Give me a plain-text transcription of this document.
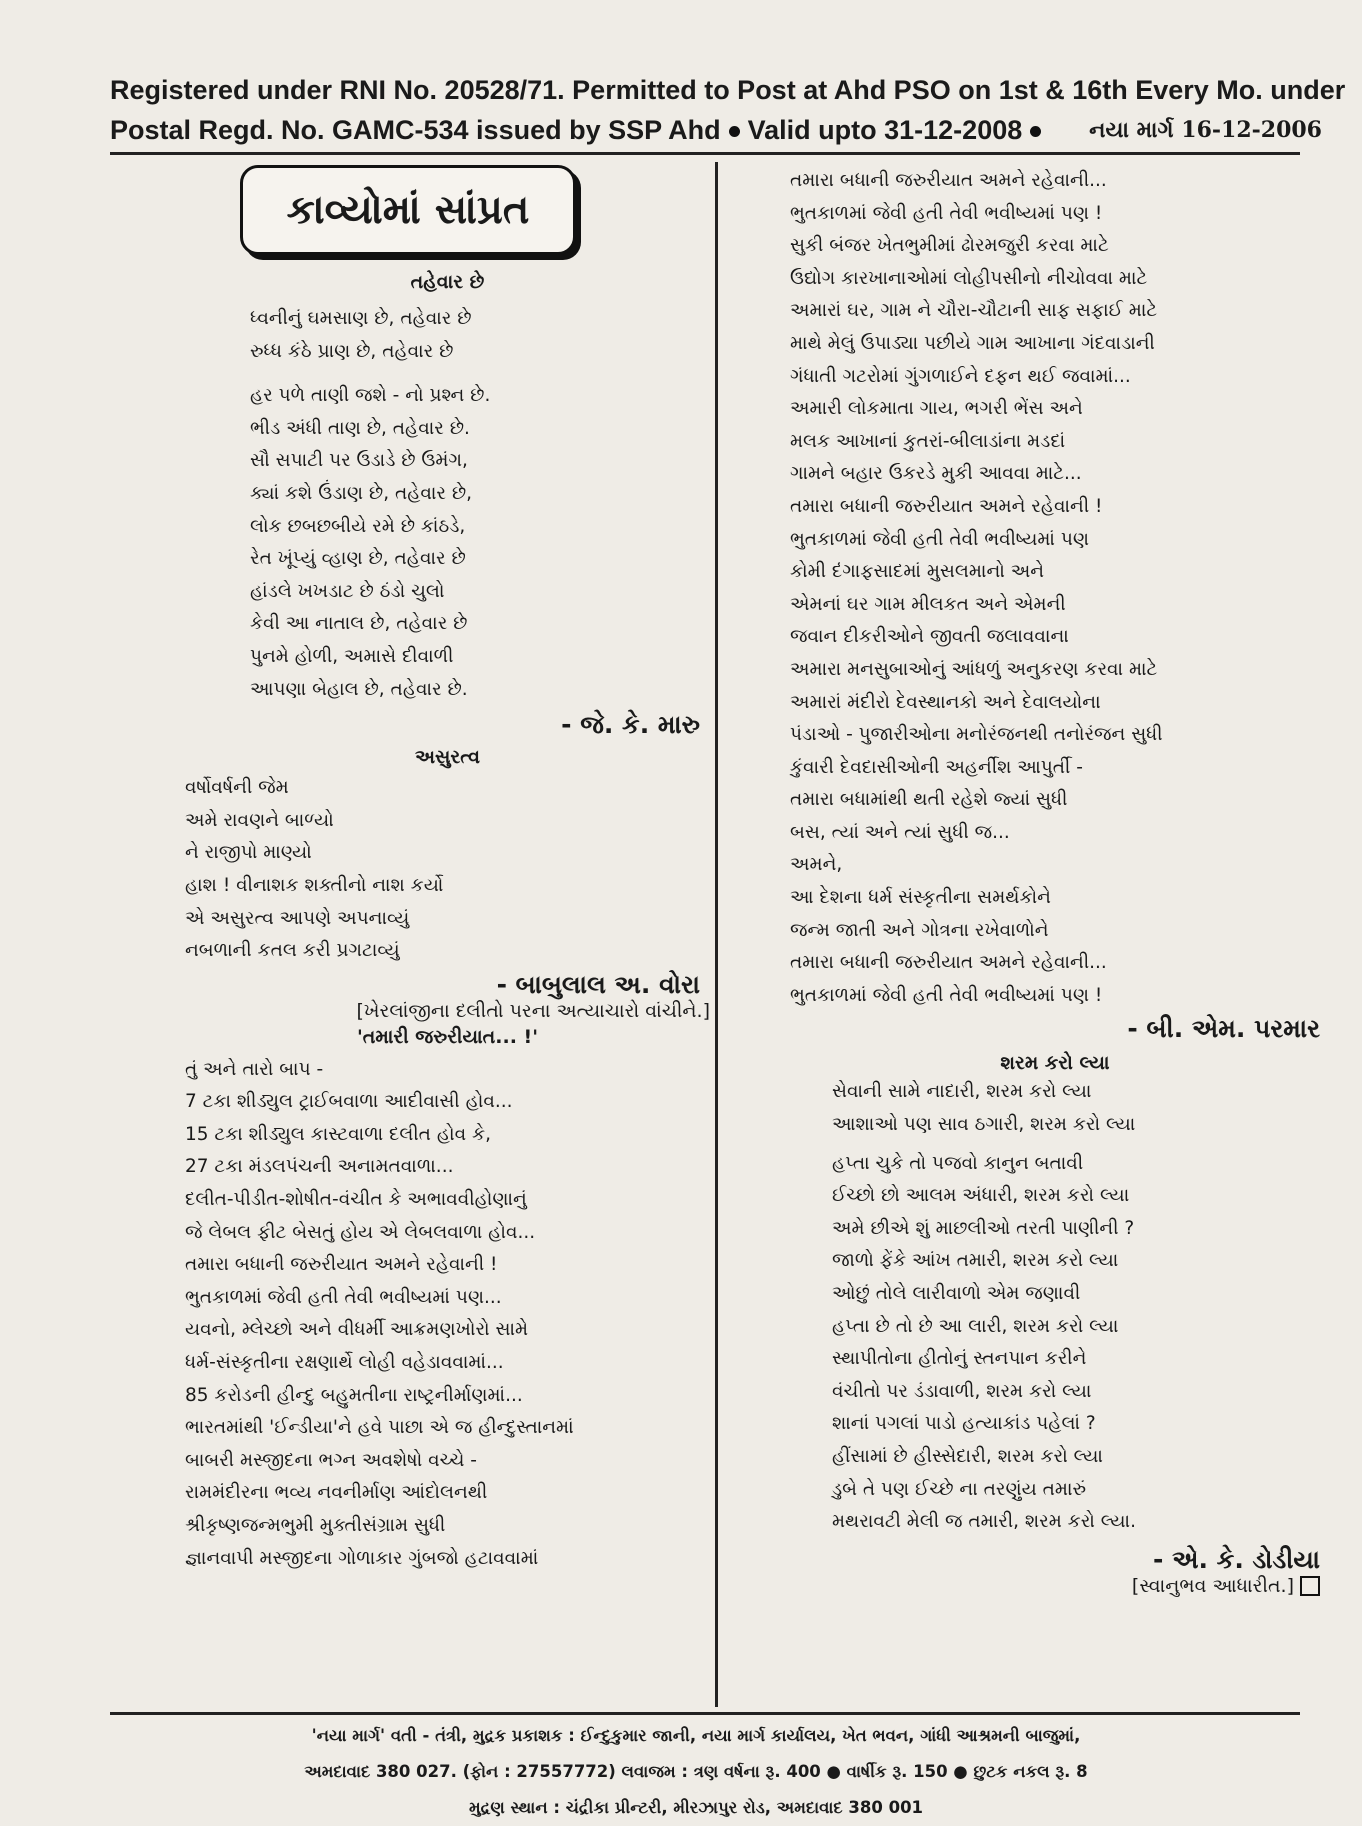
Registered under RNI No. 20528/71. Permitted to Post at Ahd PSO on 1st & 16th Every Mo. under
Postal Regd. No. GAMC-534 issued by SSP Ahd Valid upto 31-12-2008	નયા માર્ગ 16-12-2006
કાવ્યોમાં સાંપ્રત
તહેવાર છે
ધ્વનીનું ઘમસાણ છે, તહેવાર છે
રુધ્ધ કંઠે પ્રાણ છે, તહેવાર છે
હર પળે તાણી જશે - નો પ્રશ્ન છે.
ભીડ અંધી તાણ છે, તહેવાર છે.
સૌ સપાટી પર ઉડાડે છે ઉમંગ,
ક્યાં કશે ઉંડાણ છે, તહેવાર છે,
લોક છબછબીયે રમે છે કાંઠડે,
રેત ખૂંપ્યું વ્હાણ છે, તહેવાર છે
હાંડલે ખખડાટ છે ઠંડો ચુલો
કેવી આ નાતાલ છે, તહેવાર છે
પુનમે હોળી, અમાસે દીવાળી
આપણા બેહાલ છે, તહેવાર છે.
- જે. કે. મારુ
અસુરત્વ
વર્ષોવર્ષની જેમ
અમે રાવણને બાળ્યો
ને રાજીપો માણ્યો
હાશ ! વીનાશક શક્તીનો નાશ કર્યો
એ અસુરત્વ આપણે અપનાવ્યું
નબળાની કતલ કરી પ્રગટાવ્યું
- બાબુલાલ અ. વોરા
[ખેરલાંજીના દલીતો પરના અત્યાચારો વાંચીને.]
'તમારી જરુરીયાત... !'
તું અને તારો બાપ -
7 ટકા શીડ્યુલ ટ્રાઈબવાળા આદીવાસી હોવ...
15 ટકા શીડ્યુલ કાસ્ટવાળા દલીત હોવ કે,
27 ટકા મંડલપંચની અનામતવાળા...
દલીત-પીડીત-શોષીત-વંચીત કે અભાવવીહોણાનું
જે લેબલ ફીટ બેસતું હોય એ લેબલવાળા હોવ...
તમારા બધાની જરુરીયાત અમને રહેવાની !
ભુતકાળમાં જેવી હતી તેવી ભવીષ્યમાં પણ...
યવનો, મ્લેચ્છો અને વીધર્મી આક્રમણખોરો સામે
ધર્મ-સંસ્કૃતીના રક્ષણાર્થે લોહી વહેડાવવામાં...
85 કરોડની હીન્દુ બહુમતીના રાષ્ટ્રનીર્માણમાં...
ભારતમાંથી 'ઈન્ડીયા'ને હવે પાછા એ જ હીન્દુસ્તાનમાં
બાબરી મસ્જીદના ભગ્ન અવશેષો વચ્ચે -
રામમંદીરના ભવ્ય નવનીર્માણ આંદોલનથી
શ્રીકૃષ્ણજન્મભુમી મુક્તીસંગ્રામ સુધી
જ્ઞાનવાપી મસ્જીદના ગોળાકાર ગુંબજો હટાવવામાં
તમારા બધાની જરુરીયાત અમને રહેવાની...
ભુતકાળમાં જેવી હતી તેવી ભવીષ્યમાં પણ !
સુકી બંજર ખેતભુમીમાં ઢોરમજુરી કરવા માટે
ઉદ્યોગ કારખાનાઓમાં લોહીપસીનો નીચોવવા માટે
અમારાં ઘર, ગામ ને ચૌરા-ચૌટાની સાફ સફાઈ માટે
માથે મેલું ઉપાડ્યા પછીયે ગામ આખાના ગંદવાડાની
ગંધાતી ગટરોમાં ગુંગળાઈને દફન થઈ જવામાં...
અમારી લોકમાતા ગાય, ભગરી ભેંસ અને
મલક આખાનાં કુતરાં-બીલાડાંના મડદાં
ગામને બહાર ઉકરડે મુકી આવવા માટે...
તમારા બધાની જરુરીયાત અમને રહેવાની !
ભુતકાળમાં જેવી હતી તેવી ભવીષ્યમાં પણ
કોમી દંગાફસાદમાં મુસલમાનો અને
એમનાં ઘર ગામ મીલકત અને એમની
જવાન દીકરીઓને જીવતી જલાવવાના
અમારા મનસુબાઓનું આંધળું અનુકરણ કરવા માટે
અમારાં મંદીરો દેવસ્થાનકો અને દેવાલયોના
પંડાઓ - પુજારીઓના મનોરંજનથી તનોરંજન સુધી
કુંવારી દેવદાસીઓની અહર્નીશ આપુર્તી -
તમારા બધામાંથી થતી રહેશે જ્યાં સુધી
બસ, ત્યાં અને ત્યાં સુધી જ...
અમને,
આ દેશના ધર્મ સંસ્કૃતીના સમર્થકોને
જન્મ જાતી અને ગોત્રના રખેવાળોને
તમારા બધાની જરુરીયાત અમને રહેવાની...
ભુતકાળમાં જેવી હતી તેવી ભવીષ્યમાં પણ !
- બી. એમ. પરમાર
શરમ કરો લ્યા
સેવાની સામે નાદારી, શરમ કરો લ્યા
આશાઓ પણ સાવ ઠગારી, શરમ કરો લ્યા
હપ્તા ચુકે તો પજવો કાનુન બતાવી
ઈચ્છો છો આલમ અંધારી, શરમ કરો લ્યા
અમે છીએ શું માછલીઓ તરતી પાણીની ?
જાળો ફેંકે આંખ તમારી, શરમ કરો લ્યા
ઓછું તોલે લારીવાળો એમ જણાવી
હપ્તા છે તો છે આ લારી, શરમ કરો લ્યા
સ્થાપીતોના હીતોનું સ્તનપાન કરીને
વંચીતો પર ડંડાવાળી, શરમ કરો લ્યા
શાનાં પગલાં પાડો હત્યાકાંડ પહેલાં ?
હીંસામાં છે હીસ્સેદારી, શરમ કરો લ્યા
ડુબે તે પણ ઈચ્છે ના તરણુંય તમારું
મથરાવટી મેલી જ તમારી, શરમ કરો લ્યા.
- એ. કે. ડોડીયા
[સ્વાનુભવ આધારીત.]
'નયા માર્ગ' વતી - તંત્રી, મુદ્રક પ્રકાશક : ઈન્દુકુમાર જાની, નયા માર્ગ કાર્યાલય, ખેત ભવન, ગાંધી આશ્રમની બાજુમાં,
અમદાવાદ 380 027. (ફોન : 27557772) લવાજમ : ત્રણ વર્ષના રૂ. 400 ● વાર્ષીક રૂ. 150 ● છુટક નકલ રૂ. 8
મુદ્રણ સ્થાન : ચંદ્રીકા પ્રીન્ટરી, મીરઝાપુર રોડ, અમદાવાદ 380 001
